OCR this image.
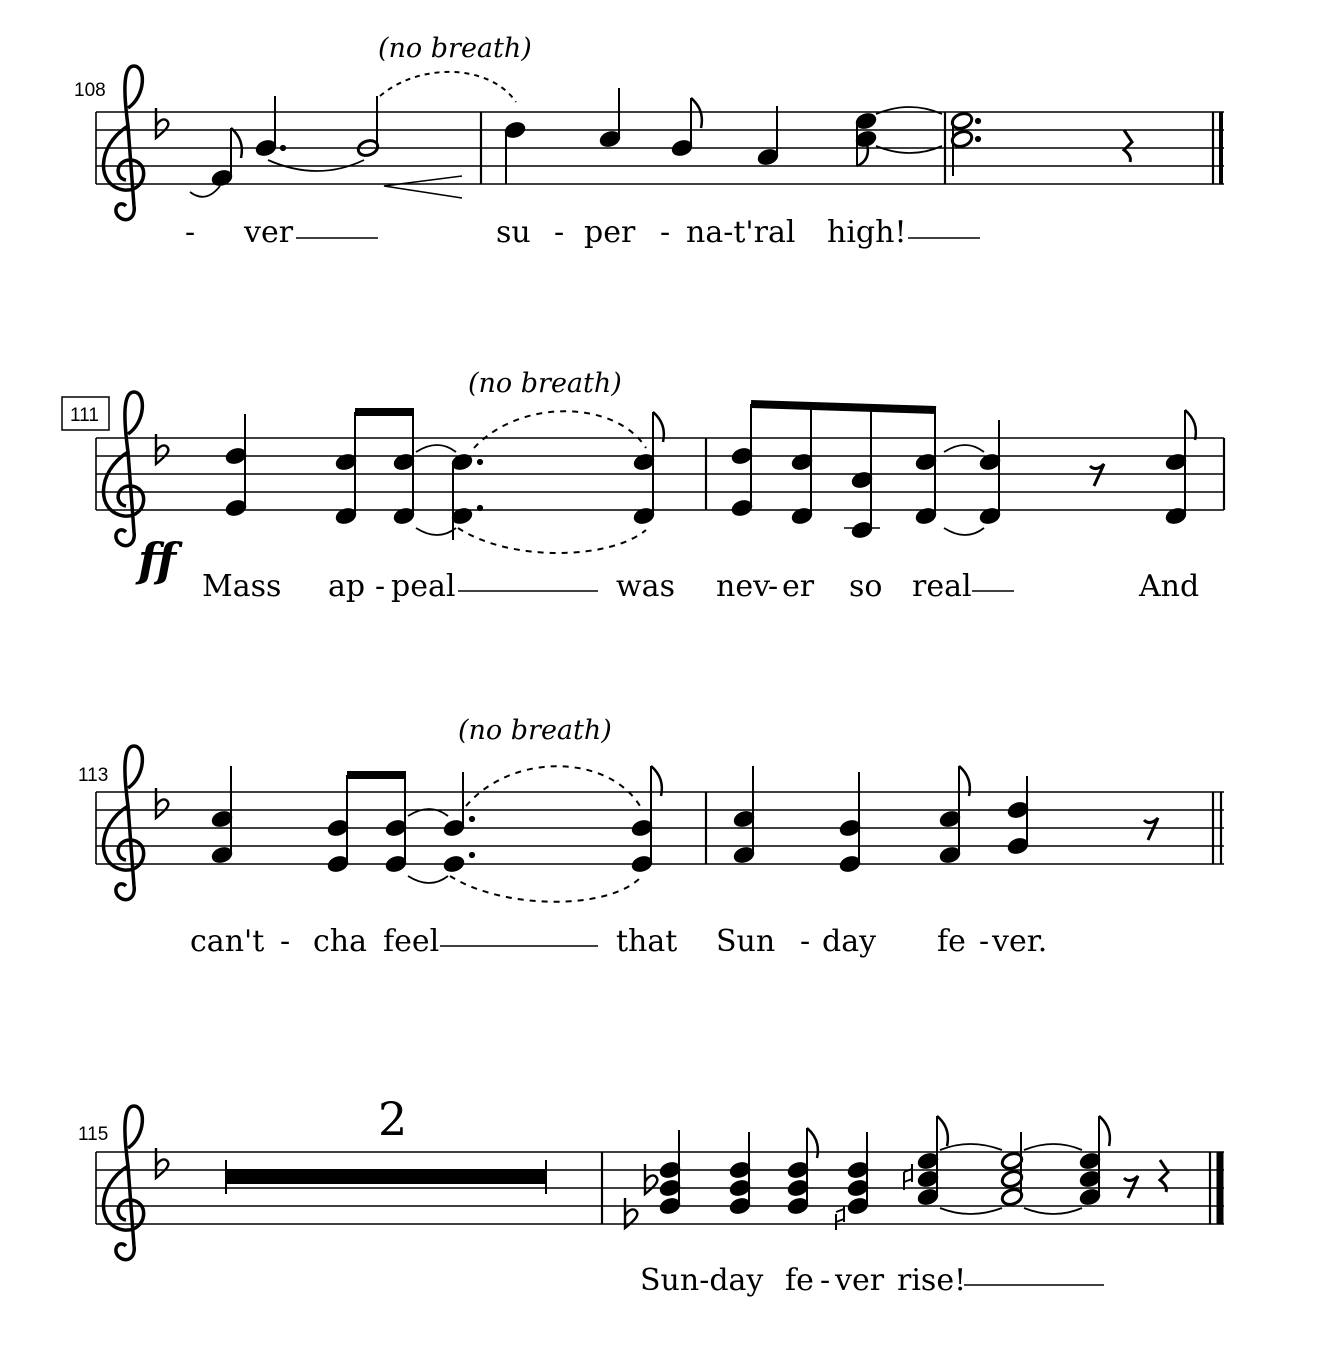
108
(no breath)
- ver	su - per - na-t'ral high!
111
(no breath)
ff Mass ap - peal	was nev
- er so real	And
113
(no breath)
can't - cha feel	that Sun - day fe - ver.
115	2
Sun-day fe - ver rise!
